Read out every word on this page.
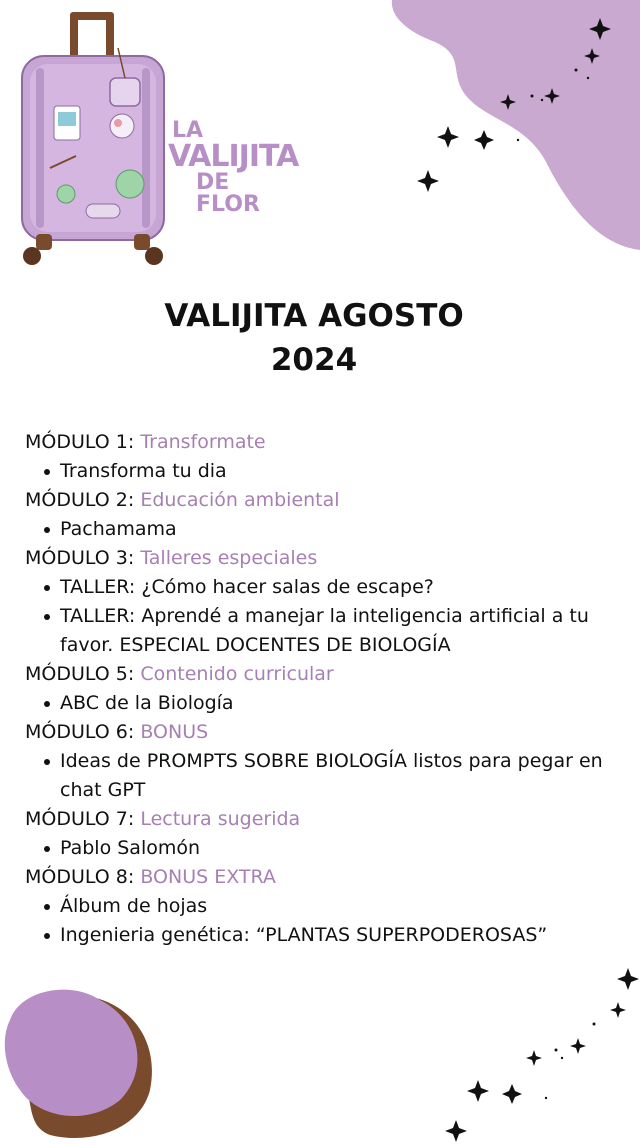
LA
VALIJITA
DE FLOR
VALIJITA AGOSTO
2024
MÓDULO 1: Transformate
Transforma tu dia
MÓDULO 2: Educación ambiental
Pachamama
MÓDULO 3: Talleres especiales
TALLER: ¿Cómo hacer salas de escape?
TALLER: Aprendé a manejar la inteligencia artificial a tu favor. ESPECIAL DOCENTES DE BIOLOGÍA
MÓDULO 5: Contenido curricular
ABC de la Biología
MÓDULO 6: BONUS
Ideas de PROMPTS SOBRE BIOLOGÍA listos para pegar en chat GPT
MÓDULO 7: Lectura sugerida
Pablo Salomón
MÓDULO 8: BONUS EXTRA
Álbum de hojas
Ingenieria genética: “PLANTAS SUPERPODEROSAS”
